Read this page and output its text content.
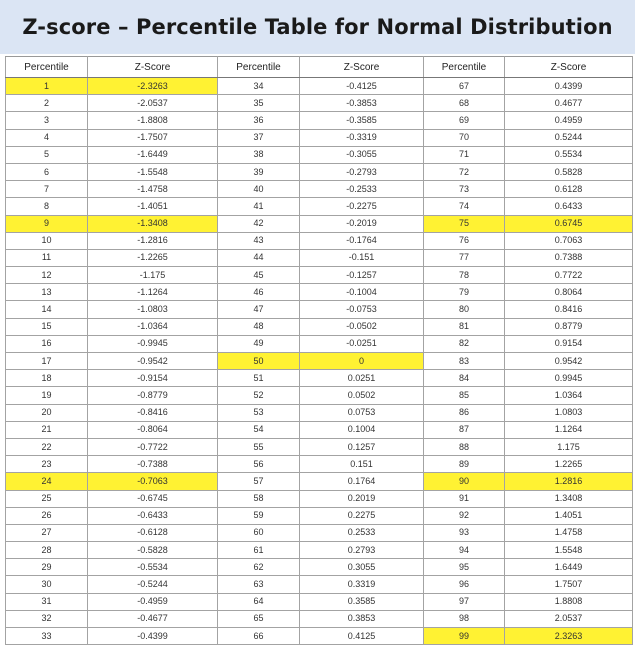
Z-score – Percentile Table for Normal Distribution
Percentile	Z-Score	Percentile	Z-Score	Percentile	Z-Score
1	-2.3263	34	-0.4125	67	0.4399
2	-2.0537	35	-0.3853	68	0.4677
3	-1.8808	36	-0.3585	69	0.4959
4	-1.7507	37	-0.3319	70	0.5244
5	-1.6449	38	-0.3055	71	0.5534
6	-1.5548	39	-0.2793	72	0.5828
7	-1.4758	40	-0.2533	73	0.6128
8	-1.4051	41	-0.2275	74	0.6433
9	-1.3408	42	-0.2019	75	0.6745
10	-1.2816	43	-0.1764	76	0.7063
11	-1.2265	44	-0.151	77	0.7388
12	-1.175	45	-0.1257	78	0.7722
13	-1.1264	46	-0.1004	79	0.8064
14	-1.0803	47	-0.0753	80	0.8416
15	-1.0364	48	-0.0502	81	0.8779
16	-0.9945	49	-0.0251	82	0.9154
17	-0.9542	50	0	83	0.9542
18	-0.9154	51	0.0251	84	0.9945
19	-0.8779	52	0.0502	85	1.0364
20	-0.8416	53	0.0753	86	1.0803
21	-0.8064	54	0.1004	87	1.1264
22	-0.7722	55	0.1257	88	1.175
23	-0.7388	56	0.151	89	1.2265
24	-0.7063	57	0.1764	90	1.2816
25	-0.6745	58	0.2019	91	1.3408
26	-0.6433	59	0.2275	92	1.4051
27	-0.6128	60	0.2533	93	1.4758
28	-0.5828	61	0.2793	94	1.5548
29	-0.5534	62	0.3055	95	1.6449
30	-0.5244	63	0.3319	96	1.7507
31	-0.4959	64	0.3585	97	1.8808
32	-0.4677	65	0.3853	98	2.0537
33	-0.4399	66	0.4125	99	2.3263
